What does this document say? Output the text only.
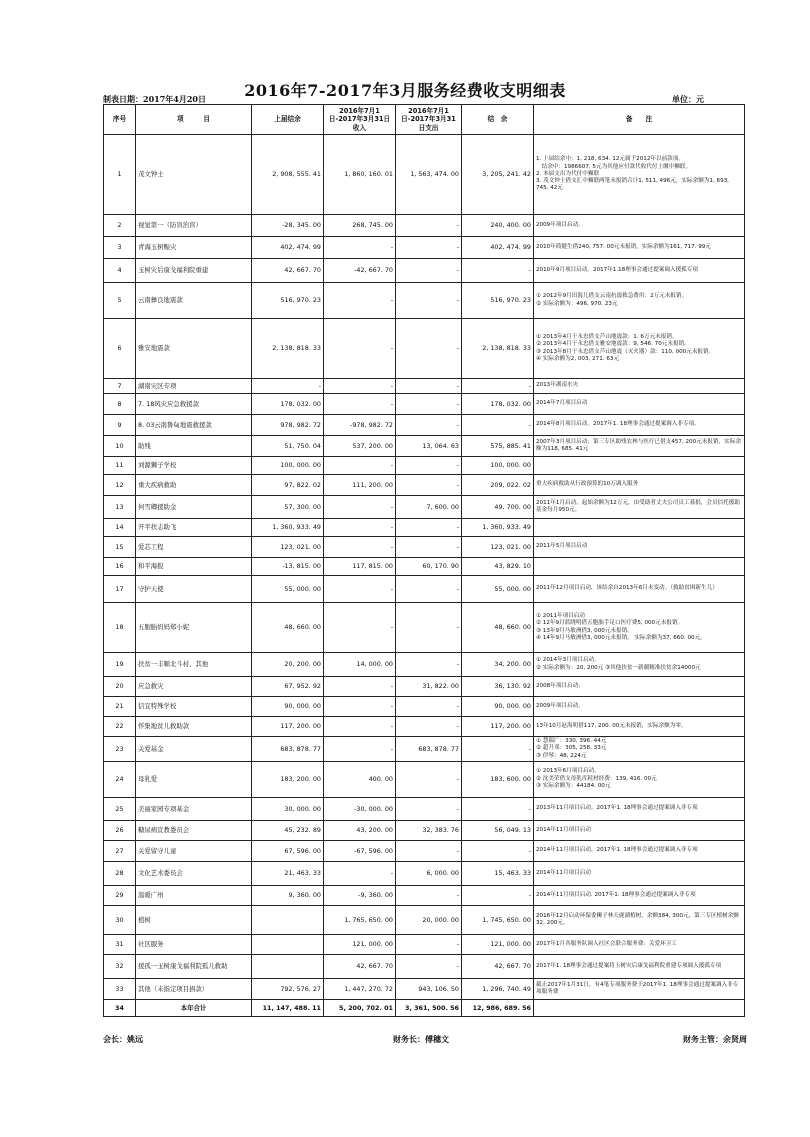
2016年7-2017年3月服务经费收支明细表
制表日期：2017年4月20日	单位：元
序号	项　　　目	上届结余	2016年7月1日-2017年3月31日收入	2016年7月1日-2017年3月31日支出	结　余	备　　注
1	茂文钟士	2, 908, 555. 41	1, 860, 160. 01	1, 563, 474. 00	3, 205, 241. 42	1. 上届结余中：1, 218, 634. 12元属于2012年以前款项。
　结余中：1986607. 5元为其他应付款代收代付上缴中狮联。
2. 本届支出为代付中狮联
3. 茂文钟士借支汇中狮联两笔未报销合计1, 511, 496元，实际余额为1, 693, 745. 42元
2	视觉第一（防盲治盲）	-28, 345. 00	268, 745. 00	-	240, 400. 00	2009年项目启动。
3	青海玉树赈灾	402, 474. 99	-	-	402, 474. 99	2010年简健生借240, 757. 00元未报销，实际余额为161, 717. 99元
4	玉树灾后康戈福利院重建	42, 667. 70	-42, 667. 70	-	-	2010年9月项目启动。2017年1.18理事会通过提案调入援孤专项
5	云南彝良地震款	516, 970. 23	-	-	516, 970. 23	① 2012年9月田海儿借支云南抗震救急费用：2万元未报销。
② 实际余额为：496, 970. 23元
6	雅安地震款	2, 138, 818. 33	-	-	2, 138, 818. 33	① 2013年4月于永忠借支芦山地震款：1. 6万元未报销。
② 2013年4月于永忠借支雅安地震款：9, 546. 70元未报销。
③ 2013年8月于永忠借支芦山地震（灭火器）款：110, 000元未报销。
④ 实际余额为2, 003, 271. 63元
7	湖南灾区专项	-	-	-	-	2013年湖南水灾
8	7. 18风灾应急救援款	178, 032. 00	-	-	178, 032. 00	2014年7月项目启动
9	8. 03云南鲁甸地震救援款	978, 982. 72	-978, 982. 72	-	-	2014年8月项目启动。2017年1. 18理事会通过提案调入非专项。
10	助残	51, 750. 04	537, 200. 00	13, 064. 63	575, 885. 41	2007年3月项目启动；第三专区助残农林与医疗已借支457, 200元未报销，实际余额为118, 685. 41元
11	刘源狮子学校	100, 000. 00	-	-	100, 000. 00	
12	重大疾病救助	97, 822. 02	111, 200. 00	-	209, 022. 02	重大疾病救助从行政预算的10万调入服务
13	何雪卿援助金	57, 300. 00	-	7, 600. 00	49, 700. 00	2011年1月启动。起始余额为12万元，由受助者丈夫公司员工募捐，会员信托援助基金每月950元。
14	开平扶志助飞	1, 360, 933. 49	-	-	1, 360, 933. 49	
15	爱芯工程	123, 021. 00	-	-	123, 021. 00	2011年5月项目启动
16	和平海报	-13, 815. 00	117, 815. 00	60, 170. 90	43, 829. 10	
17	守护天使	55, 000. 00	-	-	55, 000. 00	2011年12月项目启动，该结余自2013年6月未变动。（救助贫困新生儿）
18	五胞胎妈妈郑小妮	48, 660. 00	-	-	48, 660. 00	① 2011年项目启动
② 12年9月蓝晓明借五胞胎手足口医疗费5, 000元未报销。
③ 13年9月马敏洲借3, 000元未报销。
④ 14年9月马敏洲借3, 000元未报销。 实际余额为37, 660. 00元。
19	扶贫一丰顺北斗村、其他	20, 200. 00	14, 000. 00	-	34, 200. 00	① 2014年3月项目启动。
② 实际余额为：20, 200元 ③其他扶贫一新疆精准扶贫余14000元
20	应急救灾	67, 952. 92	-	31, 822. 00	36, 130. 92	2008年项目启动。
21	信宜特殊学校	90, 000. 00	-	-	90, 000. 00	2009年项目启动。
22	怀集地贫儿救助款	117, 200. 00	-	-	117, 200. 00	13年10月赵海明借117, 200. 00元未报销，实际余额为零。
23	关爱基金	683, 878. 77	-	683, 878. 77	-	① 慧瑞广：330, 396. 44元
② 超升邓：305, 258. 33元
③ 伊琴：48, 224元
24	母乳爱	183, 200. 00	400. 00	-	183, 600. 00	① 2013年6月项目启动。
② 沈美荣借支母乳库耗材经费：139, 416. 00元
③ 实际余额为：44184. 00元
25	美丽家园专项基金	30, 000. 00	-30, 000. 00	-	-	2013年11月项目启动。2017年1. 18理事会通过提案调入非专项
26	糖尿病宣教委员会	45, 232. 89	43, 200. 00	32, 383. 76	56, 049. 13	2014年11月项目启动
27	关爱留守儿童	67, 596. 00	-67, 596. 00	-	-	2014年11月项目启动。2017年1. 18理事会通过提案调入非专项
28	文化艺术委员会	21, 463. 33	-	6, 000. 00	15, 463. 33	2014年11月项目启动
29	温暖广州	9, 360. 00	-9, 360. 00	-	-	2014年11月项目启动. 2017年1. 18理事会通过提案调入非专项
30	植树		1, 765, 650. 00	20, 000. 00	1, 745, 650. 00	2016年12月启动环保委狮子林天鹿湖植树，余额384, 300元，第三专区植树余额 32, 200元。
31	社区服务		121, 000. 00	-	121, 000. 00	2017年1月各服务队调入社区会联合服务费：关爱环卫工
32	援孤一玉树康戈福利院孤儿救助		42, 667. 70	-	42, 667. 70	2017年1. 18理事会通过提案将玉树灾后康戈福利院重建专项调入援孤专项
33	其他（未指定项目捐款）	792, 576. 27	1, 447, 270. 72	943, 106. 50	1, 296, 740. 49	截止2017年1月31日，有4笔专项服务费于2017年1. 18理事会通过提案调入非专项服务费
34	本年合计	11, 147, 488. 11	5, 200, 702. 01	3, 361, 500. 56	12, 986, 689. 56	
会长：姚远	财务长：傅穗文	财务主管：余贤周
